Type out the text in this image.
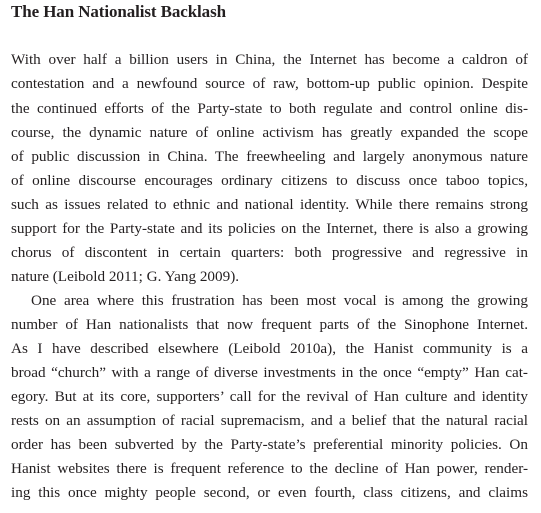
The Han Nationalist Backlash
With over half a billion users in China, the Internet has become a caldron of
contestation and a newfound source of raw, bottom-up public opinion. Despite
the continued efforts of the Party-state to both regulate and control online dis-
course, the dynamic nature of online activism has greatly expanded the scope
of public discussion in China. The freewheeling and largely anonymous nature
of online discourse encourages ordinary citizens to discuss once taboo topics,
such as issues related to ethnic and national identity. While there remains strong
support for the Party-state and its policies on the Internet, there is also a growing
chorus of discontent in certain quarters: both progressive and regressive in
nature (Leibold 2011; G. Yang 2009).
One area where this frustration has been most vocal is among the growing
number of Han nationalists that now frequent parts of the Sinophone Internet.
As I have described elsewhere (Leibold 2010a), the Hanist community is a
broad “church” with a range of diverse investments in the once “empty” Han cat-
egory. But at its core, supporters’ call for the revival of Han culture and identity
rests on an assumption of racial supremacism, and a belief that the natural racial
order has been subverted by the Party-state’s preferential minority policies. On
Hanist websites there is frequent reference to the decline of Han power, render-
ing this once mighty people second, or even fourth, class citizens, and claims
